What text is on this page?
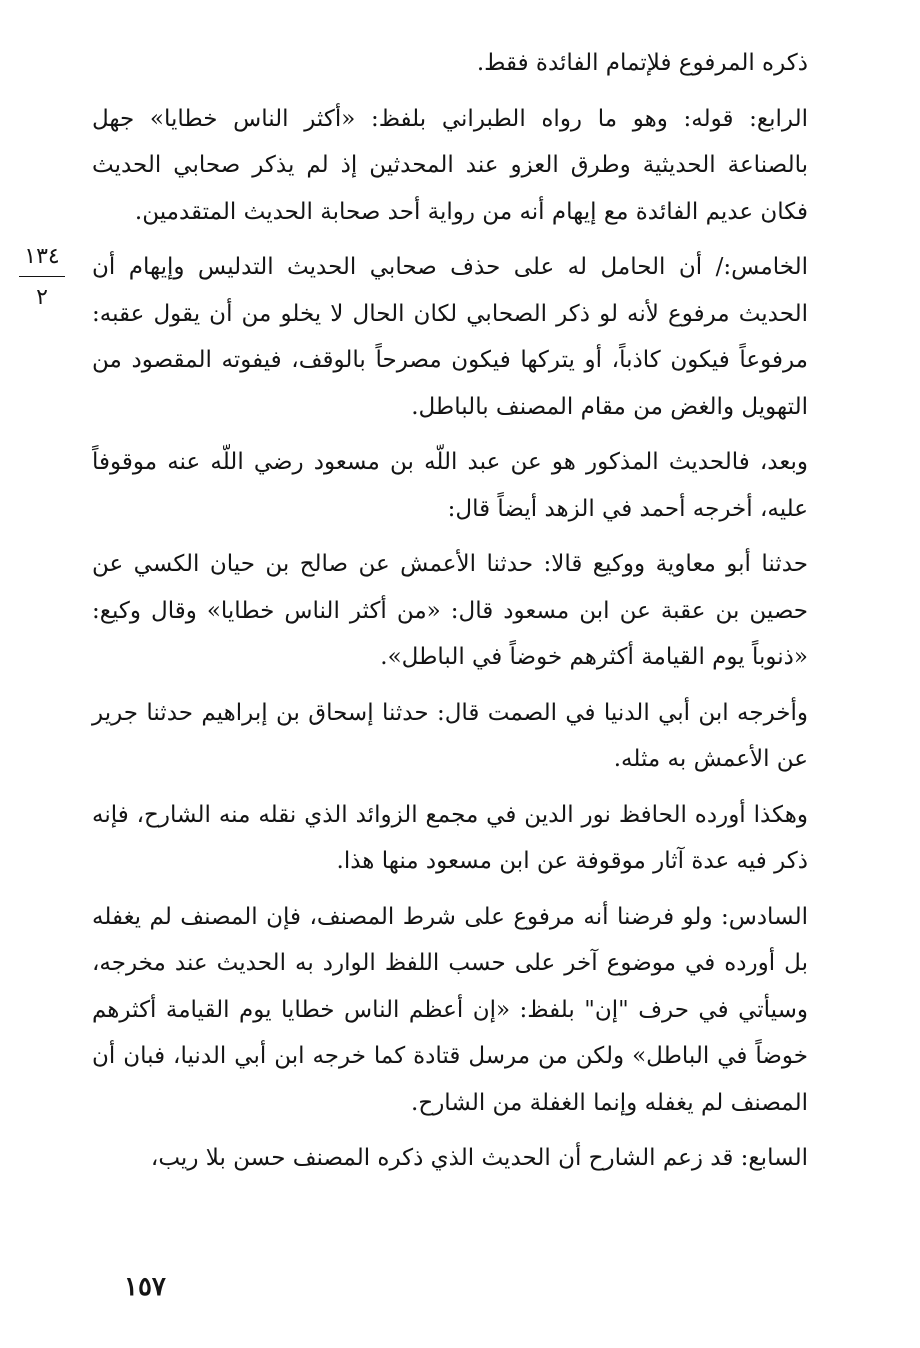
١٣٤
٢

ذكره المرفوع فلإتمام الفائدة فقط.

الرابع: قوله: وهو ما رواه الطبراني بلفظ: «أكثر الناس خطايا» جهل بالصناعة الحديثية وطرق العزو عند المحدثين إذ لم يذكر صحابي الحديث فكان عديم الفائدة مع إيهام أنه من رواية أحد صحابة الحديث المتقدمين.

الخامس:/ أن الحامل له على حذف صحابي الحديث التدليس وإيهام أن الحديث مرفوع لأنه لو ذكر الصحابي لكان الحال لا يخلو من أن يقول عقبه: مرفوعاً فيكون كاذباً، أو يتركها فيكون مصرحاً بالوقف، فيفوته المقصود من التهويل والغض من مقام المصنف بالباطل.

وبعد، فالحديث المذكور هو عن عبد اللّه بن مسعود رضي اللّه عنه موقوفاً عليه، أخرجه أحمد في الزهد أيضاً قال:

حدثنا أبو معاوية ووكيع قالا: حدثنا الأعمش عن صالح بن حيان الكسي عن حصين بن عقبة عن ابن مسعود قال: «من أكثر الناس خطايا» وقال وكيع: «ذنوباً يوم القيامة أكثرهم خوضاً في الباطل».

وأخرجه ابن أبي الدنيا في الصمت قال: حدثنا إسحاق بن إبراهيم حدثنا جرير عن الأعمش به مثله.

وهكذا أورده الحافظ نور الدين في مجمع الزوائد الذي نقله منه الشارح، فإنه ذكر فيه عدة آثار موقوفة عن ابن مسعود منها هذا.

السادس: ولو فرضنا أنه مرفوع على شرط المصنف، فإن المصنف لم يغفله بل أورده في موضوع آخر على حسب اللفظ الوارد به الحديث عند مخرجه، وسيأتي في حرف "إن" بلفظ: «إن أعظم الناس خطايا يوم القيامة أكثرهم خوضاً في الباطل» ولكن من مرسل قتادة كما خرجه ابن أبي الدنيا، فبان أن المصنف لم يغفله وإنما الغفلة من الشارح.

السابع: قد زعم الشارح أن الحديث الذي ذكره المصنف حسن بلا ريب،

١٥٧
